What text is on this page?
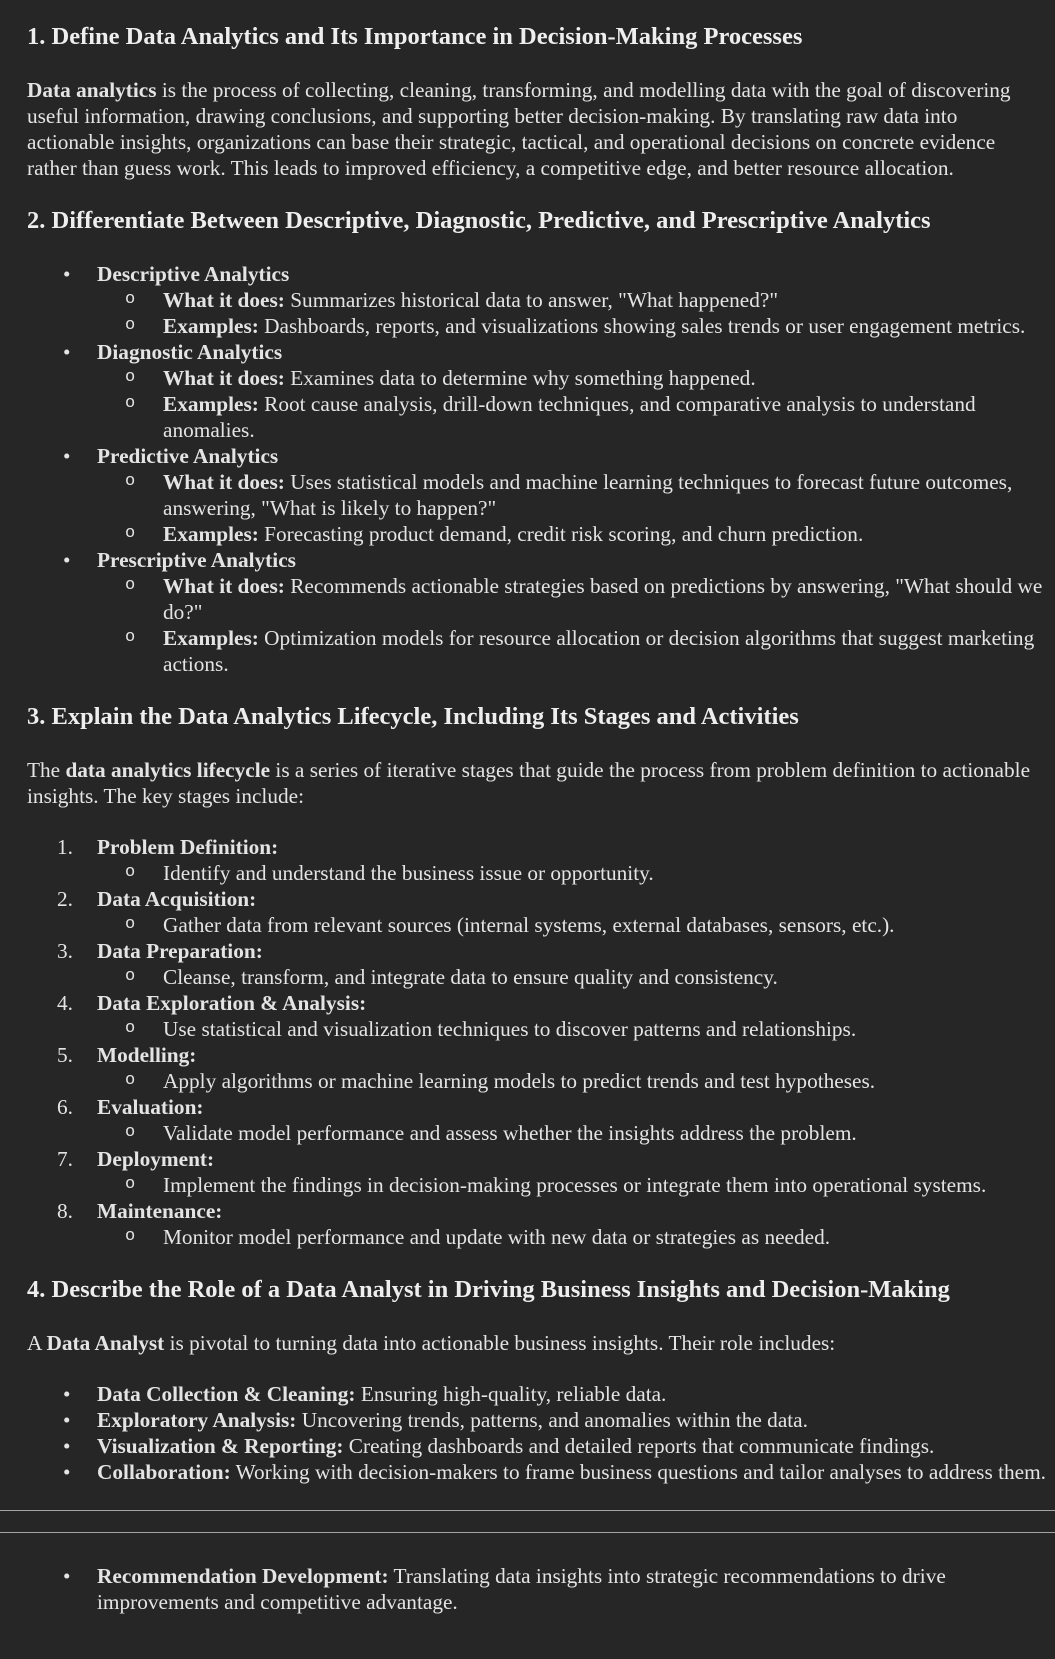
1. Define Data Analytics and Its Importance in Decision-Making Processes
Data analytics is the process of collecting, cleaning, transforming, and modelling data with the goal of discovering useful information, drawing conclusions, and supporting better decision-making. By translating raw data into actionable insights, organizations can base their strategic, tactical, and operational decisions on concrete evidence rather than guess work. This leads to improved efficiency, a competitive edge, and better resource allocation.
2. Differentiate Between Descriptive, Diagnostic, Predictive, and Prescriptive Analytics
• Descriptive Analytics
o What it does: Summarizes historical data to answer, "What happened?"
o Examples: Dashboards, reports, and visualizations showing sales trends or user engagement metrics.
• Diagnostic Analytics
o What it does: Examines data to determine why something happened.
o Examples: Root cause analysis, drill-down techniques, and comparative analysis to understand anomalies.
• Predictive Analytics
o What it does: Uses statistical models and machine learning techniques to forecast future outcomes, answering, "What is likely to happen?"
o Examples: Forecasting product demand, credit risk scoring, and churn prediction.
• Prescriptive Analytics
o What it does: Recommends actionable strategies based on predictions by answering, "What should we do?"
o Examples: Optimization models for resource allocation or decision algorithms that suggest marketing actions.
3. Explain the Data Analytics Lifecycle, Including Its Stages and Activities
The data analytics lifecycle is a series of iterative stages that guide the process from problem definition to actionable insights. The key stages include:
1. Problem Definition:
o Identify and understand the business issue or opportunity.
2. Data Acquisition:
o Gather data from relevant sources (internal systems, external databases, sensors, etc.).
3. Data Preparation:
o Cleanse, transform, and integrate data to ensure quality and consistency.
4. Data Exploration & Analysis:
o Use statistical and visualization techniques to discover patterns and relationships.
5. Modelling:
o Apply algorithms or machine learning models to predict trends and test hypotheses.
6. Evaluation:
o Validate model performance and assess whether the insights address the problem.
7. Deployment:
o Implement the findings in decision-making processes or integrate them into operational systems.
8. Maintenance:
o Monitor model performance and update with new data or strategies as needed.
4. Describe the Role of a Data Analyst in Driving Business Insights and Decision-Making
A Data Analyst is pivotal to turning data into actionable business insights. Their role includes:
• Data Collection & Cleaning: Ensuring high-quality, reliable data.
• Exploratory Analysis: Uncovering trends, patterns, and anomalies within the data.
• Visualization & Reporting: Creating dashboards and detailed reports that communicate findings.
• Collaboration: Working with decision-makers to frame business questions and tailor analyses to address them.
• Recommendation Development: Translating data insights into strategic recommendations to drive improvements and competitive advantage.
